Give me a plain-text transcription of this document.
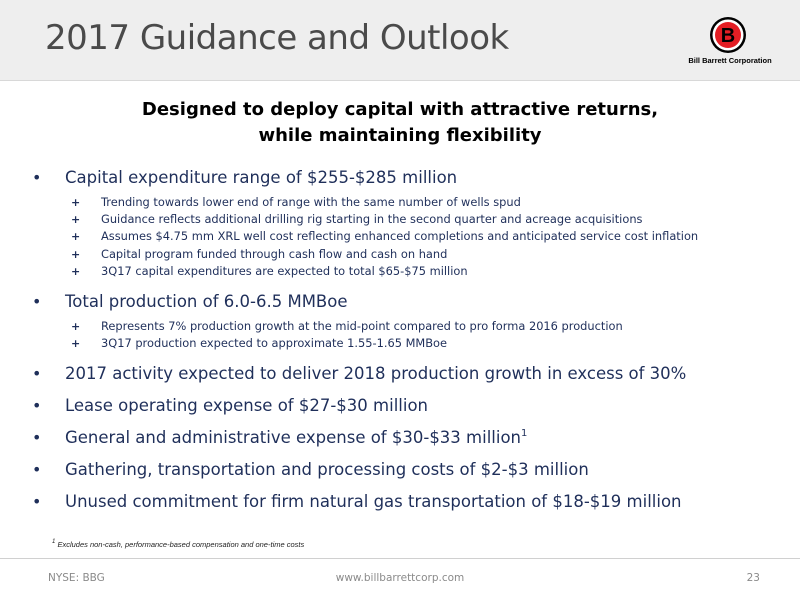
2017 Guidance and Outlook	B
Bill Barrett Corporation
Designed to deploy capital with attractive returns,
while maintaining flexibility
• Capital expenditure range of $255-$285 million
+ Trending towards lower end of range with the same number of wells spud
+ Guidance reflects additional drilling rig starting in the second quarter and acreage acquisitions
+ Assumes $4.75 mm XRL well cost reflecting enhanced completions and anticipated service cost inflation
+ Capital program funded through cash flow and cash on hand
+ 3Q17 capital expenditures are expected to total $65-$75 million
• Total production of 6.0-6.5 MMBoe
+ Represents 7% production growth at the mid-point compared to pro forma 2016 production
+ 3Q17 production expected to approximate 1.55-1.65 MMBoe
• 2017 activity expected to deliver 2018 production growth in excess of 30%
• Lease operating expense of $27-$30 million
• General and administrative expense of $30-$33 million$^1$
• Gathering, transportation and processing costs of $2-$3 million
• Unused commitment for firm natural gas transportation of $18-$19 million
$^1$ Excludes non-cash, performance-based compensation and one-time costs
NYSE: BBG	www.billbarrettcorp.com	23
